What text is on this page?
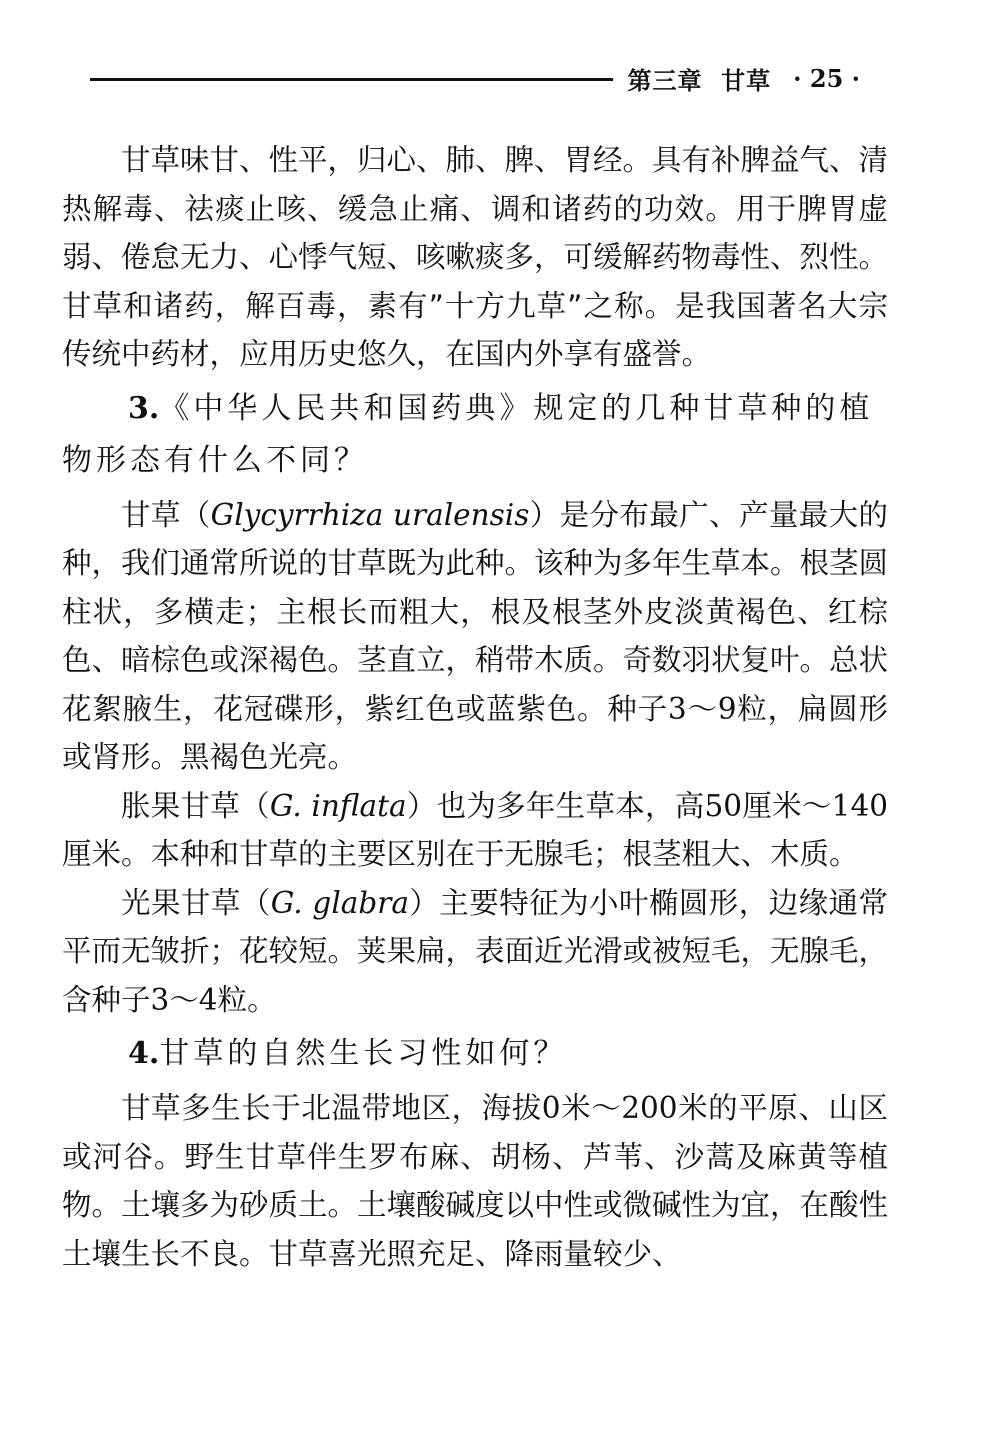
第三章  甘草 · 25 ·

甘草味甘、性平，归心、肺、脾、胃经。具有补脾益气、清热解毒、祛痰止咳、缓急止痛、调和诸药的功效。用于脾胃虚弱、倦怠无力、心悸气短、咳嗽痰多，可缓解药物毒性、烈性。甘草和诸药，解百毒，素有”十方九草”之称。是我国著名大宗传统中药材，应用历史悠久，在国内外享有盛誉。

3.《中华人民共和国药典》规定的几种甘草种的植物形态有什么不同？

甘草（Glycyrrhiza uralensis）是分布最广、产量最大的种，我们通常所说的甘草既为此种。该种为多年生草本。根茎圆柱状，多横走；主根长而粗大，根及根茎外皮淡黄褐色、红棕色、暗棕色或深褐色。茎直立，稍带木质。奇数羽状复叶。总状花絮腋生，花冠碟形，紫红色或蓝紫色。种子3～9粒，扁圆形或肾形。黑褐色光亮。

胀果甘草（G. inflata）也为多年生草本，高50厘米～140厘米。本种和甘草的主要区别在于无腺毛；根茎粗大、木质。

光果甘草（G. glabra）主要特征为小叶椭圆形，边缘通常平而无皱折；花较短。荚果扁，表面近光滑或被短毛，无腺毛，含种子3～4粒。

4.甘草的自然生长习性如何？

甘草多生长于北温带地区，海拔0米～200米的平原、山区或河谷。野生甘草伴生罗布麻、胡杨、芦苇、沙蒿及麻黄等植物。土壤多为砂质土。土壤酸碱度以中性或微碱性为宜，在酸性土壤生长不良。甘草喜光照充足、降雨量较少、
